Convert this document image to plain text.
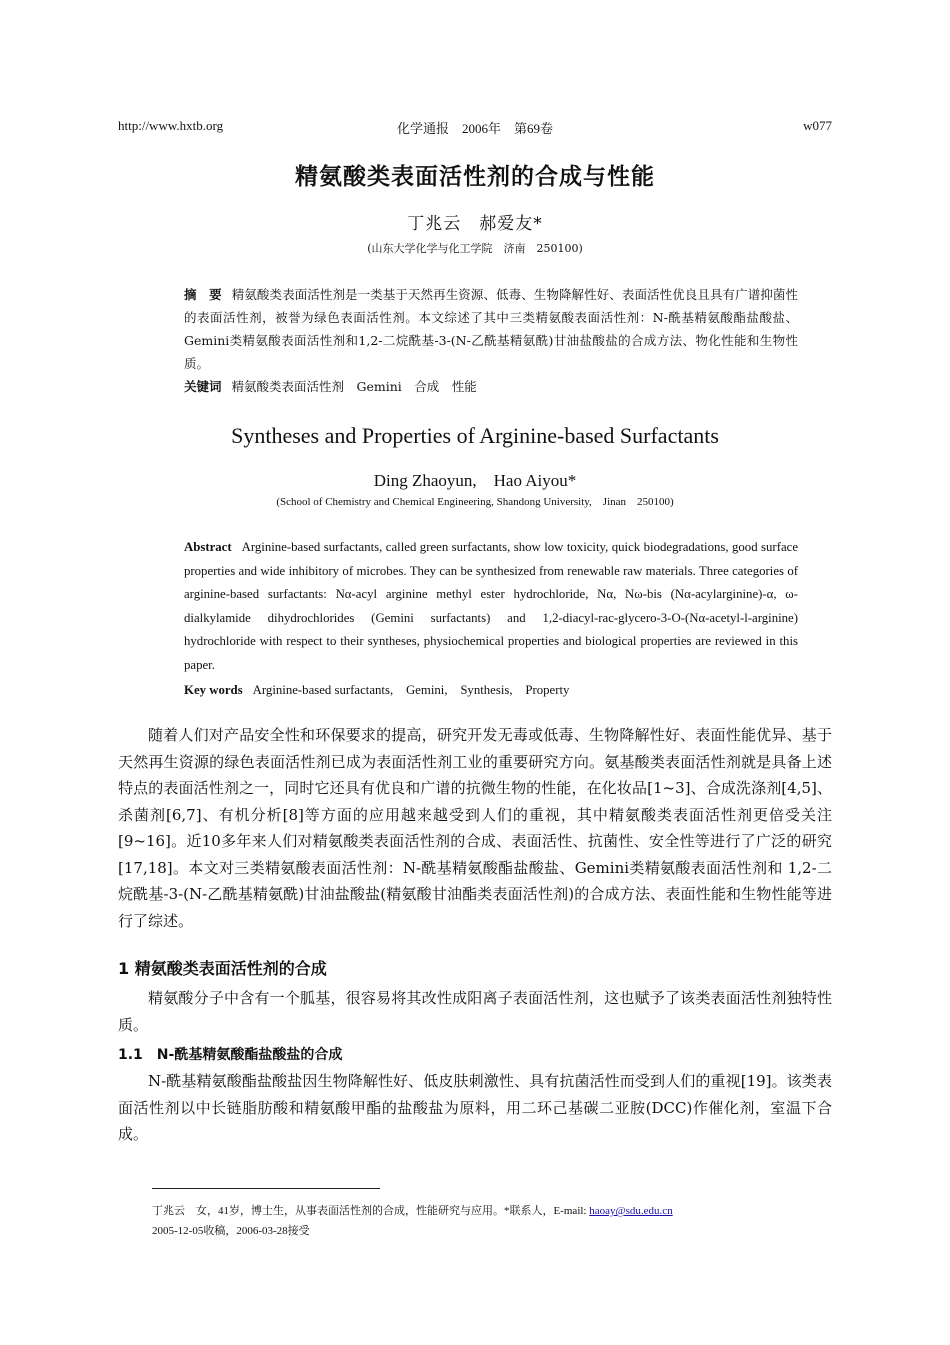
http://www.hxtb.org	化学通报　2006年　第69卷	w077
精氨酸类表面活性剂的合成与性能
丁兆云　郝爱友*
(山东大学化学与化工学院　济南　250100)
摘　要 精氨酸类表面活性剂是一类基于天然再生资源、低毒、生物降解性好、表面活性优良且具有广谱抑菌性的表面活性剂，被誉为绿色表面活性剂。本文综述了其中三类精氨酸表面活性剂：N-酰基精氨酸酯盐酸盐、Gemini类精氨酸表面活性剂和1,2-二烷酰基-3-(N-乙酰基精氨酰)甘油盐酸盐的合成方法、物化性能和生物性质。
关键词 精氨酸类表面活性剂　Gemini　合成　性能
Syntheses and Properties of Arginine-based Surfactants
Ding Zhaoyun,　Hao Aiyou*
(School of Chemistry and Chemical Engineering, Shandong University,　Jinan　250100)
Abstract Arginine-based surfactants, called green surfactants, show low toxicity, quick biodegradations, good surface properties and wide inhibitory of microbes. They can be synthesized from renewable raw materials. Three categories of arginine-based surfactants: Nα-acyl arginine methyl ester hydrochloride, Nα, Nω-bis (Nα-acylarginine)-α, ω-dialkylamide dihydrochlorides (Gemini surfactants) and 1,2-diacyl-rac-glycero-3-O-(Nα-acetyl-l-arginine) hydrochloride with respect to their syntheses, physiochemical properties and biological properties are reviewed in this paper.
Key words Arginine-based surfactants,　Gemini,　Synthesis,　Property
随着人们对产品安全性和环保要求的提高，研究开发无毒或低毒、生物降解性好、表面性能优异、基于天然再生资源的绿色表面活性剂已成为表面活性剂工业的重要研究方向。氨基酸类表面活性剂就是具备上述特点的表面活性剂之一，同时它还具有优良和广谱的抗微生物的性能，在化妆品[1~3]、合成洗涤剂[4,5]、杀菌剂[6,7]、有机分析[8]等方面的应用越来越受到人们的重视，其中精氨酸类表面活性剂更倍受关注[9~16]。近10多年来人们对精氨酸类表面活性剂的合成、表面活性、抗菌性、安全性等进行了广泛的研究[17,18]。本文对三类精氨酸表面活性剂：N-酰基精氨酸酯盐酸盐、Gemini类精氨酸表面活性剂和 1,2-二烷酰基-3-(N-乙酰基精氨酰)甘油盐酸盐(精氨酸甘油酯类表面活性剂)的合成方法、表面性能和生物性能等进行了综述。
1 精氨酸类表面活性剂的合成
精氨酸分子中含有一个胍基，很容易将其改性成阳离子表面活性剂，这也赋予了该类表面活性剂独特性质。
1.1　N-酰基精氨酸酯盐酸盐的合成
N-酰基精氨酸酯盐酸盐因生物降解性好、低皮肤刺激性、具有抗菌活性而受到人们的重视[19]。该类表面活性剂以中长链脂肪酸和精氨酸甲酯的盐酸盐为原料，用二环己基碳二亚胺(DCC)作催化剂，室温下合成。
丁兆云　女，41岁，博士生，从事表面活性剂的合成，性能研究与应用。*联系人，E-mail: haoay@sdu.edu.cn
2005-12-05收稿，2006-03-28接受
